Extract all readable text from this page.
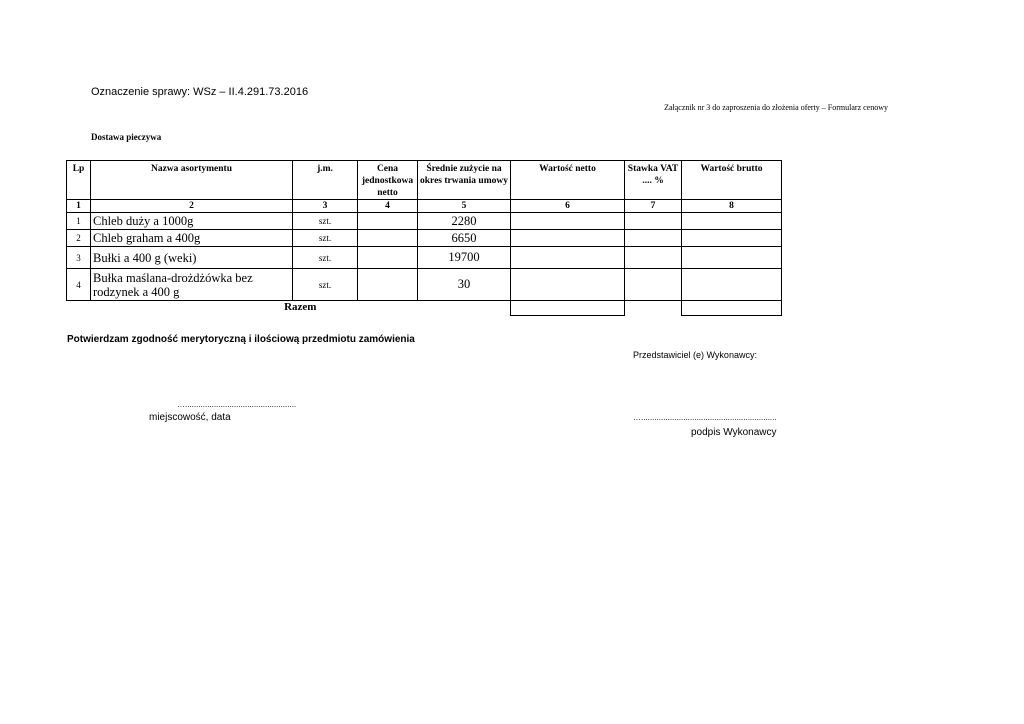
Oznaczenie sprawy: WSz – II.4.291.73.2016
Załącznik nr 3 do zaproszenia do złożenia oferty – Formularz cenowy
Dostawa pieczywa
Lp	Nazwa asortymentu	j.m.	Cena jednostkowa netto	Średnie zużycie na okres trwania umowy	Wartość netto	Stawka VAT .... %	Wartość brutto
1	2	3	4	5	6	7	8
1	Chleb duży a 1000g	szt.		2280			
2	Chleb graham a 400g	szt.		6650			
3	Bułki a 400 g (weki)	szt.		19700			
4	Bułka maślana-drożdżówka bez rodzynek a 400 g	szt.		30			
	Razem						
Potwierdzam zgodność merytoryczną i ilościową przedmiotu zamówienia
Przedstawiciel (e) Wykonawcy:
…..................................................
miejscowość, data	….............................................................
podpis Wykonawcy
